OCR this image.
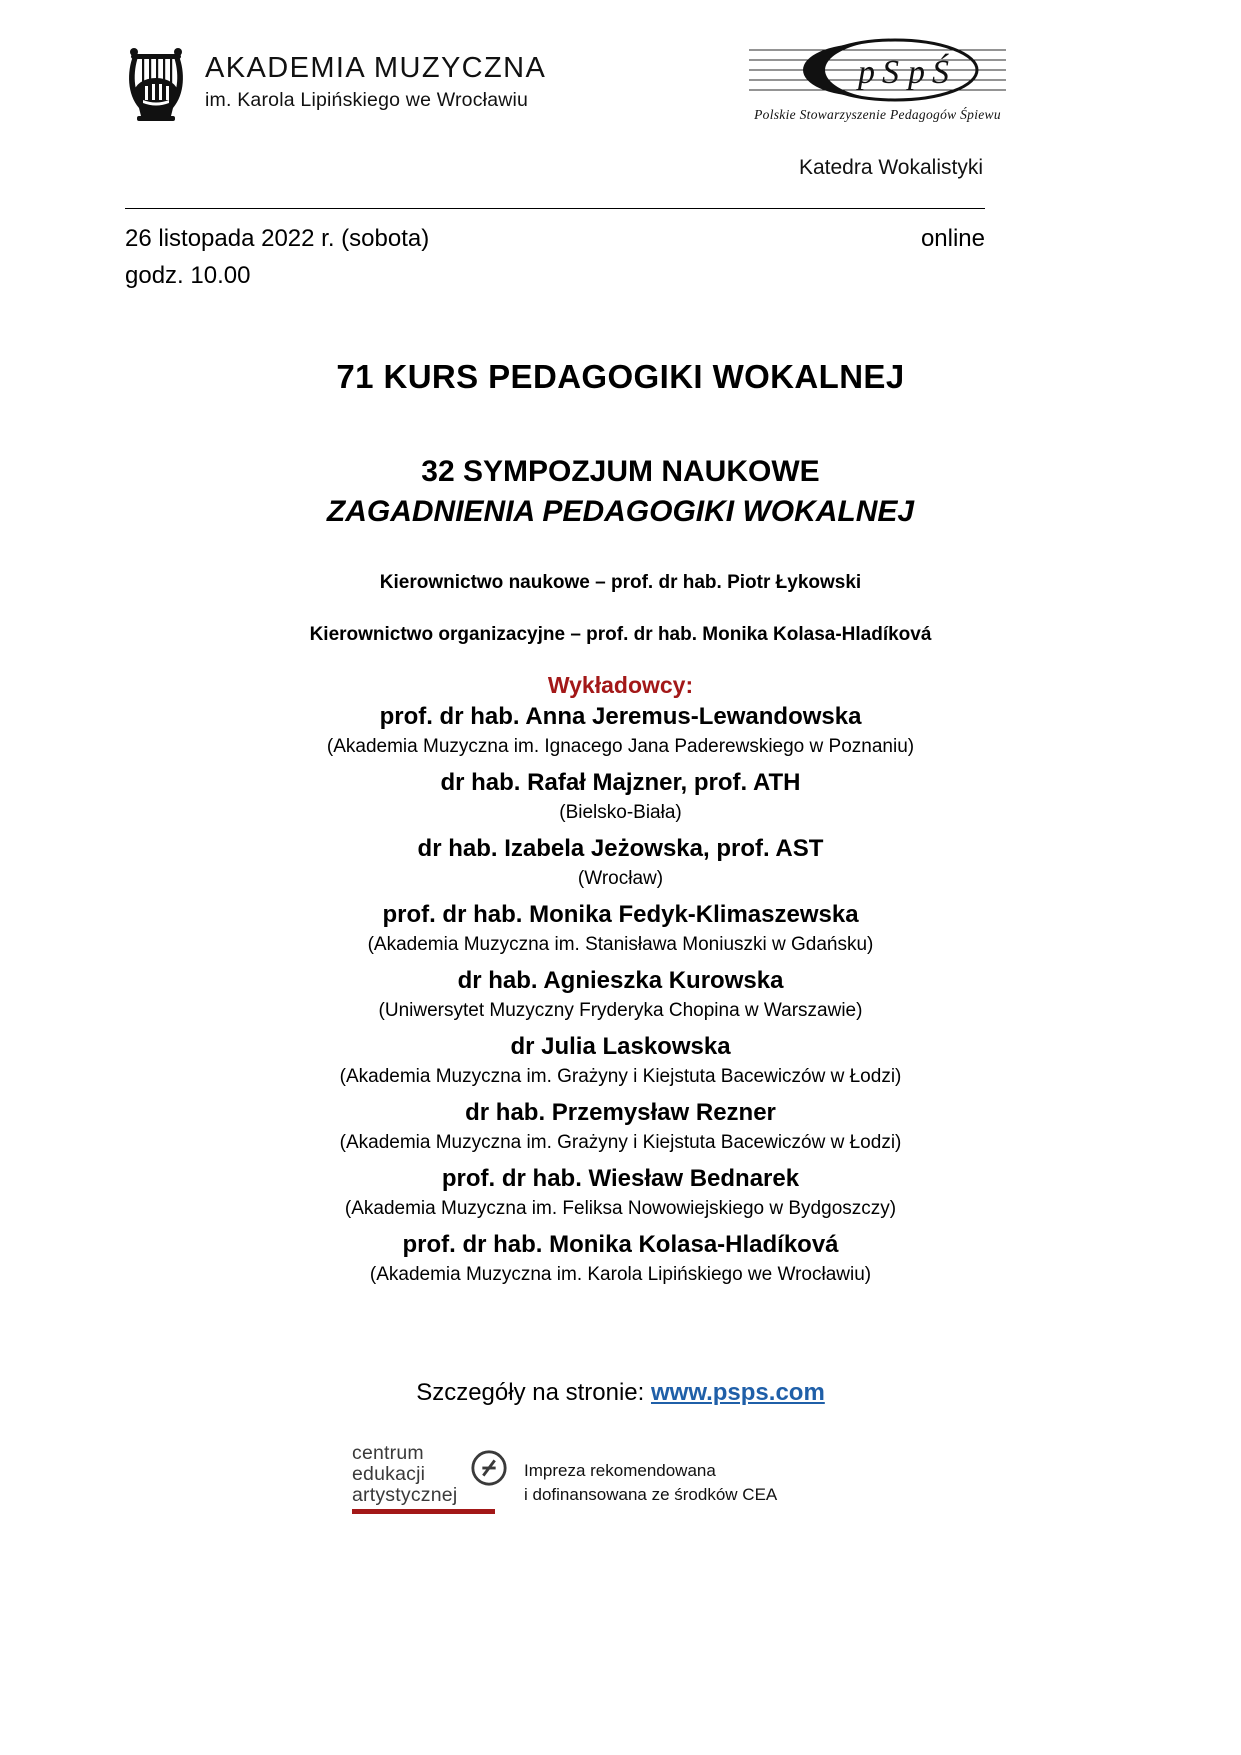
AKADEMIA MUZYCZNA
im. Karola Lipińskiego we Wrocławiu
p S p Ś
Polskie Stowarzyszenie Pedagogów Śpiewu
Katedra Wokalistyki
26 listopada 2022 r. (sobota)	online
godz. 10.00
71 KURS PEDAGOGIKI WOKALNEJ
32 SYMPOZJUM NAUKOWE
ZAGADNIENIA PEDAGOGIKI WOKALNEJ
Kierownictwo naukowe – prof. dr hab. Piotr Łykowski
Kierownictwo organizacyjne – prof. dr hab. Monika Kolasa-Hladíková
Wykładowcy:
prof. dr hab. Anna Jeremus-Lewandowska
(Akademia Muzyczna im. Ignacego Jana Paderewskiego w Poznaniu)
dr hab. Rafał Majzner, prof. ATH
(Bielsko-Biała)
dr hab. Izabela Jeżowska, prof. AST
(Wrocław)
prof. dr hab. Monika Fedyk-Klimaszewska
(Akademia Muzyczna im. Stanisława Moniuszki w Gdańsku)
dr hab. Agnieszka Kurowska
(Uniwersytet Muzyczny Fryderyka Chopina w Warszawie)
dr Julia Laskowska
(Akademia Muzyczna im. Grażyny i Kiejstuta Bacewiczów w Łodzi)
dr hab. Przemysław Rezner
(Akademia Muzyczna im. Grażyny i Kiejstuta Bacewiczów w Łodzi)
prof. dr hab. Wiesław Bednarek
(Akademia Muzyczna im. Feliksa Nowowiejskiego w Bydgoszczy)
prof. dr hab. Monika Kolasa-Hladíková
(Akademia Muzyczna im. Karola Lipińskiego we Wrocławiu)
Szczegóły na stronie: www.psps.com
centrum
edukacji
artystycznej
Impreza rekomendowana
i dofinansowana ze środków CEA
